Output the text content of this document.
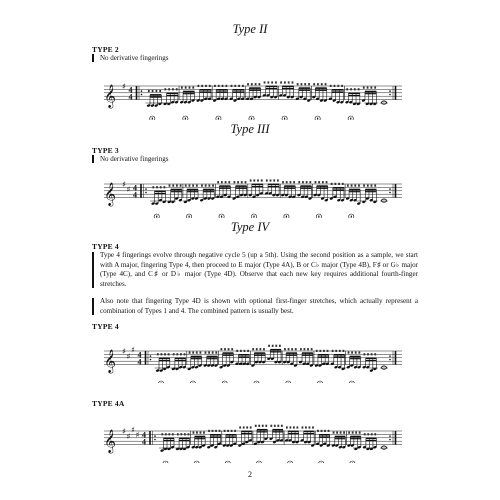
Type II
TYPE 2
No derivative fingerings
𝄞 ♯ 4
4
Type III
TYPE 3
No derivative fingerings
𝄞 ♯
♯ 4
4
Type IV
TYPE 4
Type 4 fingerings evolve through negative cycle 5 (up a 5th). Using the second position as a sample, we start with A major, fingering Type 4, then proceed to E major (Type 4A), B or C♭ major (Type 4B), F♯ or G♭ major (Type 4C), and C♯ or D♭ major (Type 4D). Observe that each new key requires additional fourth-finger stretches.
Also note that fingering Type 4D is shown with optional first-finger stretches, which actually represent a combination of Types 1 and 4. The combined pattern is usually best.
TYPE 4
𝄞 ♯
♯
♯
4
4
TYPE 4A
𝄞 ♯
♯
♯
♯ 4
4
2
